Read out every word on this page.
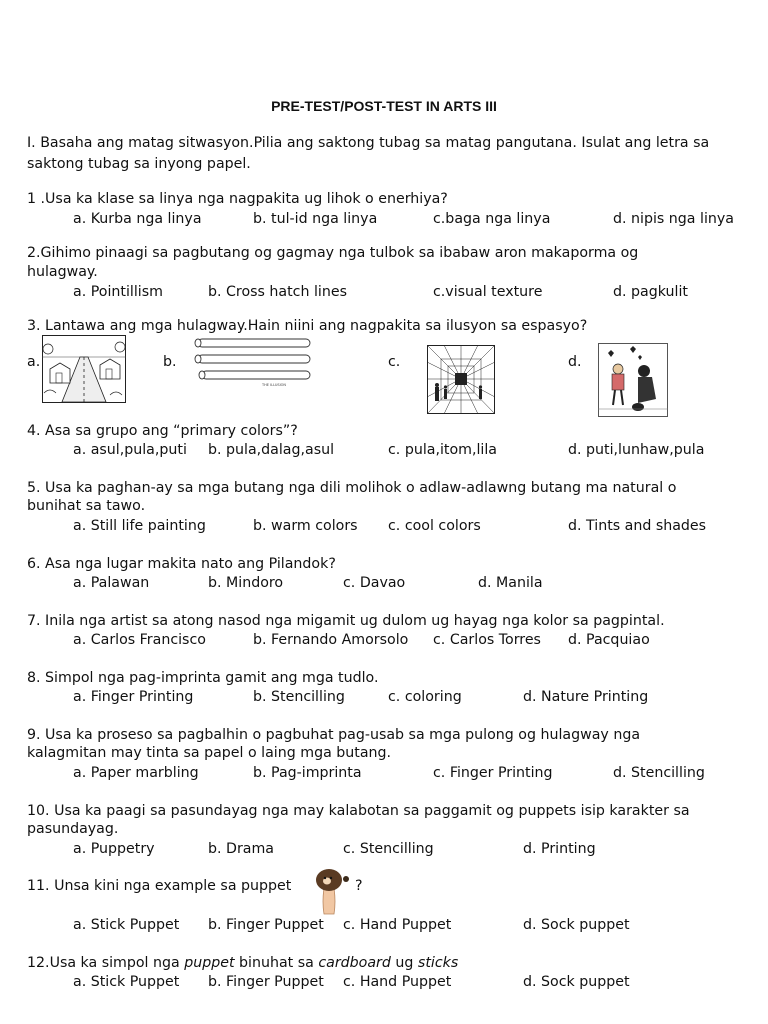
PRE-TEST/POST-TEST IN ARTS III
I. Basaha ang matag sitwasyon.Pilia ang saktong tubag sa matag pangutana. Isulat ang letra sa
saktong tubag sa inyong papel.
1 .Usa ka klase sa linya nga nagpakita ug lihok o enerhiya?
a. Kurba nga linya	b. tul-id nga linya	c.baga nga linya	d. nipis nga linya
2.Gihimo pinaagi sa pagbutang og gagmay nga tulbok sa ibabaw aron makaporma og
hulagway.
a. Pointillism	b. Cross hatch lines	c.visual texture	d. pagkulit
3. Lantawa ang mga hulagway.Hain niini ang nagpakita sa ilusyon sa espasyo?
a.	b.	c.	d.
THE ILLUSION
4. Asa sa grupo ang “primary colors”?
a. asul,pula,puti b. pula,dalag,asul	c. pula,itom,lila	d. puti,lunhaw,pula
5. Usa ka paghan-ay sa mga butang nga dili molihok o adlaw-adlawng butang ma natural o
bunihat sa tawo.
a. Still life painting	b. warm colors c. cool colors	d. Tints and shades
6. Asa nga lugar makita nato ang Pilandok?
a. Palawan	b. Mindoro	c. Davao	d. Manila
7. Inila nga artist sa atong nasod nga migamit ug dulom ug hayag nga kolor sa pagpintal.
a. Carlos Francisco	b. Fernando Amorsolo c. Carlos Torres d. Pacquiao
8. Simpol nga pag-imprinta gamit ang mga tudlo.
a. Finger Printing	b. Stencilling	c. coloring	d. Nature Printing
9. Usa ka proseso sa pagbalhin o pagbuhat pag-usab sa mga pulong og hulagway nga
kalagmitan may tinta sa papel o laing mga butang.
a. Paper marbling	b. Pag-imprinta	c. Finger Printing	d. Stencilling
10. Usa ka paagi sa pasundayag nga may kalabotan sa paggamit og puppets isip karakter sa
pasundayag.
a. Puppetry	b. Drama	c. Stencilling	d. Printing
11. Unsa kini nga example sa puppet	?
a. Stick Puppet b. Finger Puppet c. Hand Puppet	d. Sock puppet
12.Usa ka simpol nga puppet binuhat sa cardboard ug sticks
a. Stick Puppet b. Finger Puppet c. Hand Puppet	d. Sock puppet
